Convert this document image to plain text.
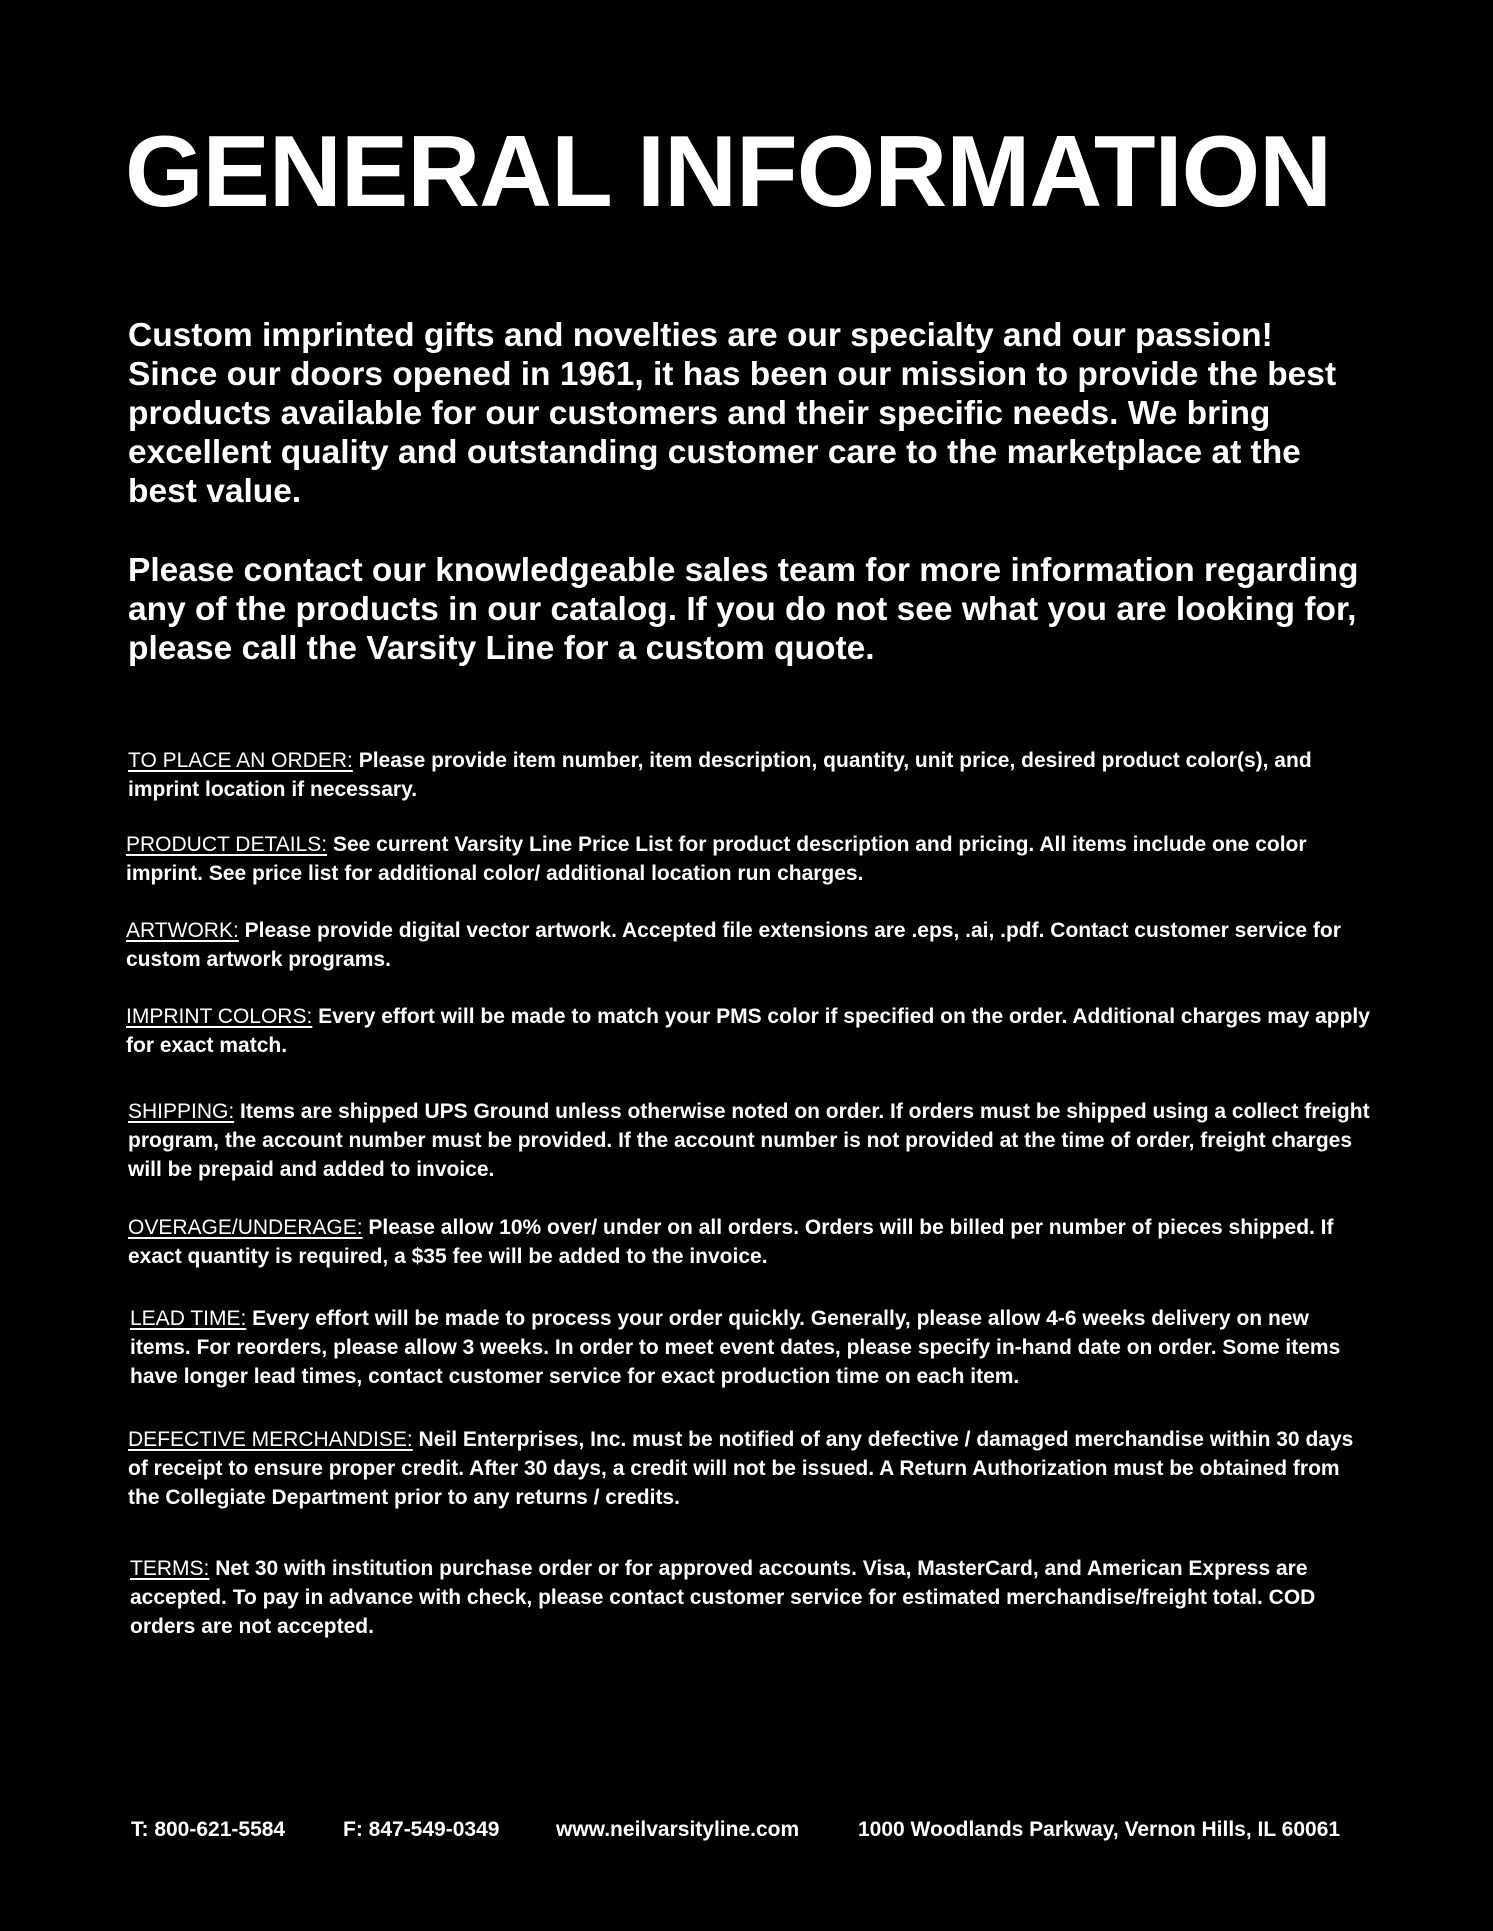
GENERAL INFORMATION

Custom imprinted gifts and novelties are our specialty and our passion! Since our doors opened in 1961, it has been our mission to provide the best products available for our customers and their specific needs. We bring excellent quality and outstanding customer care to the marketplace at the best value.

Please contact our knowledgeable sales team for more information regarding any of the products in our catalog. If you do not see what you are looking for, please call the Varsity Line for a custom quote.

TO PLACE AN ORDER: Please provide item number, item description, quantity, unit price, desired product color(s), and imprint location if necessary.

PRODUCT DETAILS: See current Varsity Line Price List for product description and pricing. All items include one color imprint. See price list for additional color/ additional location run charges.

ARTWORK: Please provide digital vector artwork. Accepted file extensions are .eps, .ai, .pdf. Contact customer service for custom artwork programs.

IMPRINT COLORS: Every effort will be made to match your PMS color if specified on the order. Additional charges may apply for exact match.

SHIPPING: Items are shipped UPS Ground unless otherwise noted on order. If orders must be shipped using a collect freight program, the account number must be provided. If the account number is not provided at the time of order, freight charges will be prepaid and added to invoice.

OVERAGE/UNDERAGE: Please allow 10% over/ under on all orders. Orders will be billed per number of pieces shipped. If exact quantity is required, a $35 fee will be added to the invoice.

LEAD TIME: Every effort will be made to process your order quickly. Generally, please allow 4-6 weeks delivery on new items. For reorders, please allow 3 weeks. In order to meet event dates, please specify in-hand date on order. Some items have longer lead times, contact customer service for exact production time on each item.

DEFECTIVE MERCHANDISE: Neil Enterprises, Inc. must be notified of any defective / damaged merchandise within 30 days of receipt to ensure proper credit. After 30 days, a credit will not be issued. A Return Authorization must be obtained from the Collegiate Department prior to any returns / credits.

TERMS: Net 30 with institution purchase order or for approved accounts. Visa, MasterCard, and American Express are accepted. To pay in advance with check, please contact customer service for estimated merchandise/freight total. COD orders are not accepted.

T: 800-621-5584	F: 847-549-0349	www.neilvarsityline.com	1000 Woodlands Parkway, Vernon Hills, IL 60061
